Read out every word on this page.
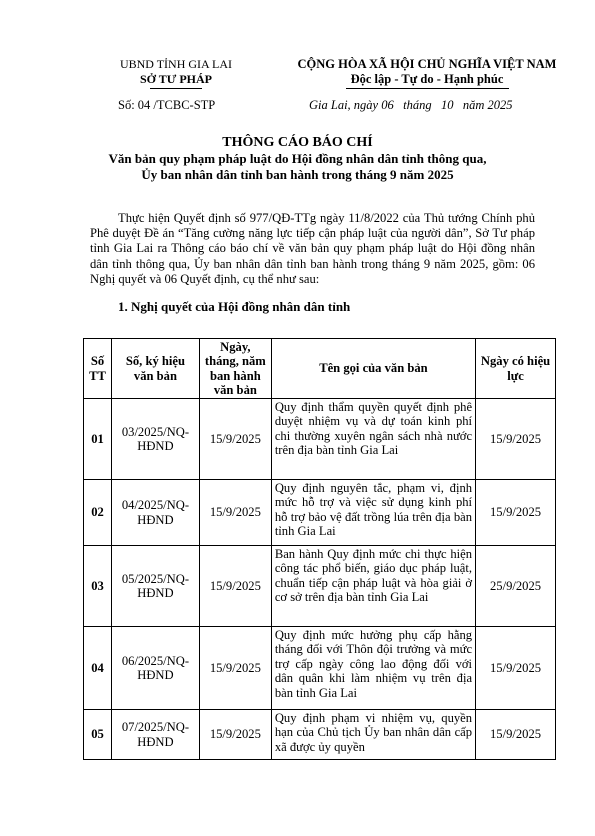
UBND TỈNH GIA LAI
SỞ TƯ PHÁP
CỘNG HÒA XÃ HỘI CHỦ NGHĨA VIỆT NAM
Độc lập - Tự do - Hạnh phúc
Số: 04 /TCBC-STP	Gia Lai, ngày 06   tháng   10   năm 2025
THÔNG CÁO BÁO CHÍ
Văn bản quy phạm pháp luật do Hội đồng nhân dân tỉnh thông qua,
Ủy ban nhân dân tỉnh ban hành trong tháng 9 năm 2025
Thực hiện Quyết định số 977/QĐ-TTg ngày 11/8/2022 của Thủ tướng Chính phủ Phê duyệt Đề án “Tăng cường năng lực tiếp cận pháp luật của người dân”, Sở Tư pháp tỉnh Gia Lai ra Thông cáo báo chí về văn bản quy phạm pháp luật do Hội đồng nhân dân tỉnh thông qua, Ủy ban nhân dân tỉnh ban hành trong tháng 9 năm 2025, gồm: 06 Nghị quyết và 06 Quyết định, cụ thể như sau:
1. Nghị quyết của Hội đồng nhân dân tỉnh
Số TT	Số, ký hiệu văn bản	Ngày, tháng, năm ban hành văn bản	Tên gọi của văn bản	Ngày có hiệu lực
01	03/2025/NQ-HĐND	15/9/2025	Quy định thẩm quyền quyết định phê duyệt nhiệm vụ và dự toán kinh phí chi thường xuyên ngân sách nhà nước trên địa bàn tỉnh Gia Lai	15/9/2025
02	04/2025/NQ-HĐND	15/9/2025	Quy định nguyên tắc, phạm vi, định mức hỗ trợ và việc sử dụng kinh phí hỗ trợ bảo vệ đất trồng lúa trên địa bàn tỉnh Gia Lai	15/9/2025
03	05/2025/NQ-HĐND	15/9/2025	Ban hành Quy định mức chi thực hiện công tác phổ biến, giáo dục pháp luật, chuẩn tiếp cận pháp luật và hòa giải ở cơ sở trên địa bàn tỉnh Gia Lai	25/9/2025
04	06/2025/NQ-HĐND	15/9/2025	Quy định mức hưởng phụ cấp hằng tháng đối với Thôn đội trưởng và mức trợ cấp ngày công lao động đối với dân quân khi làm nhiệm vụ trên địa bàn tỉnh Gia Lai	15/9/2025
05	07/2025/NQ-HĐND	15/9/2025	Quy định phạm vi nhiệm vụ, quyền hạn của Chủ tịch Ủy ban nhân dân cấp xã được ủy quyền	15/9/2025
